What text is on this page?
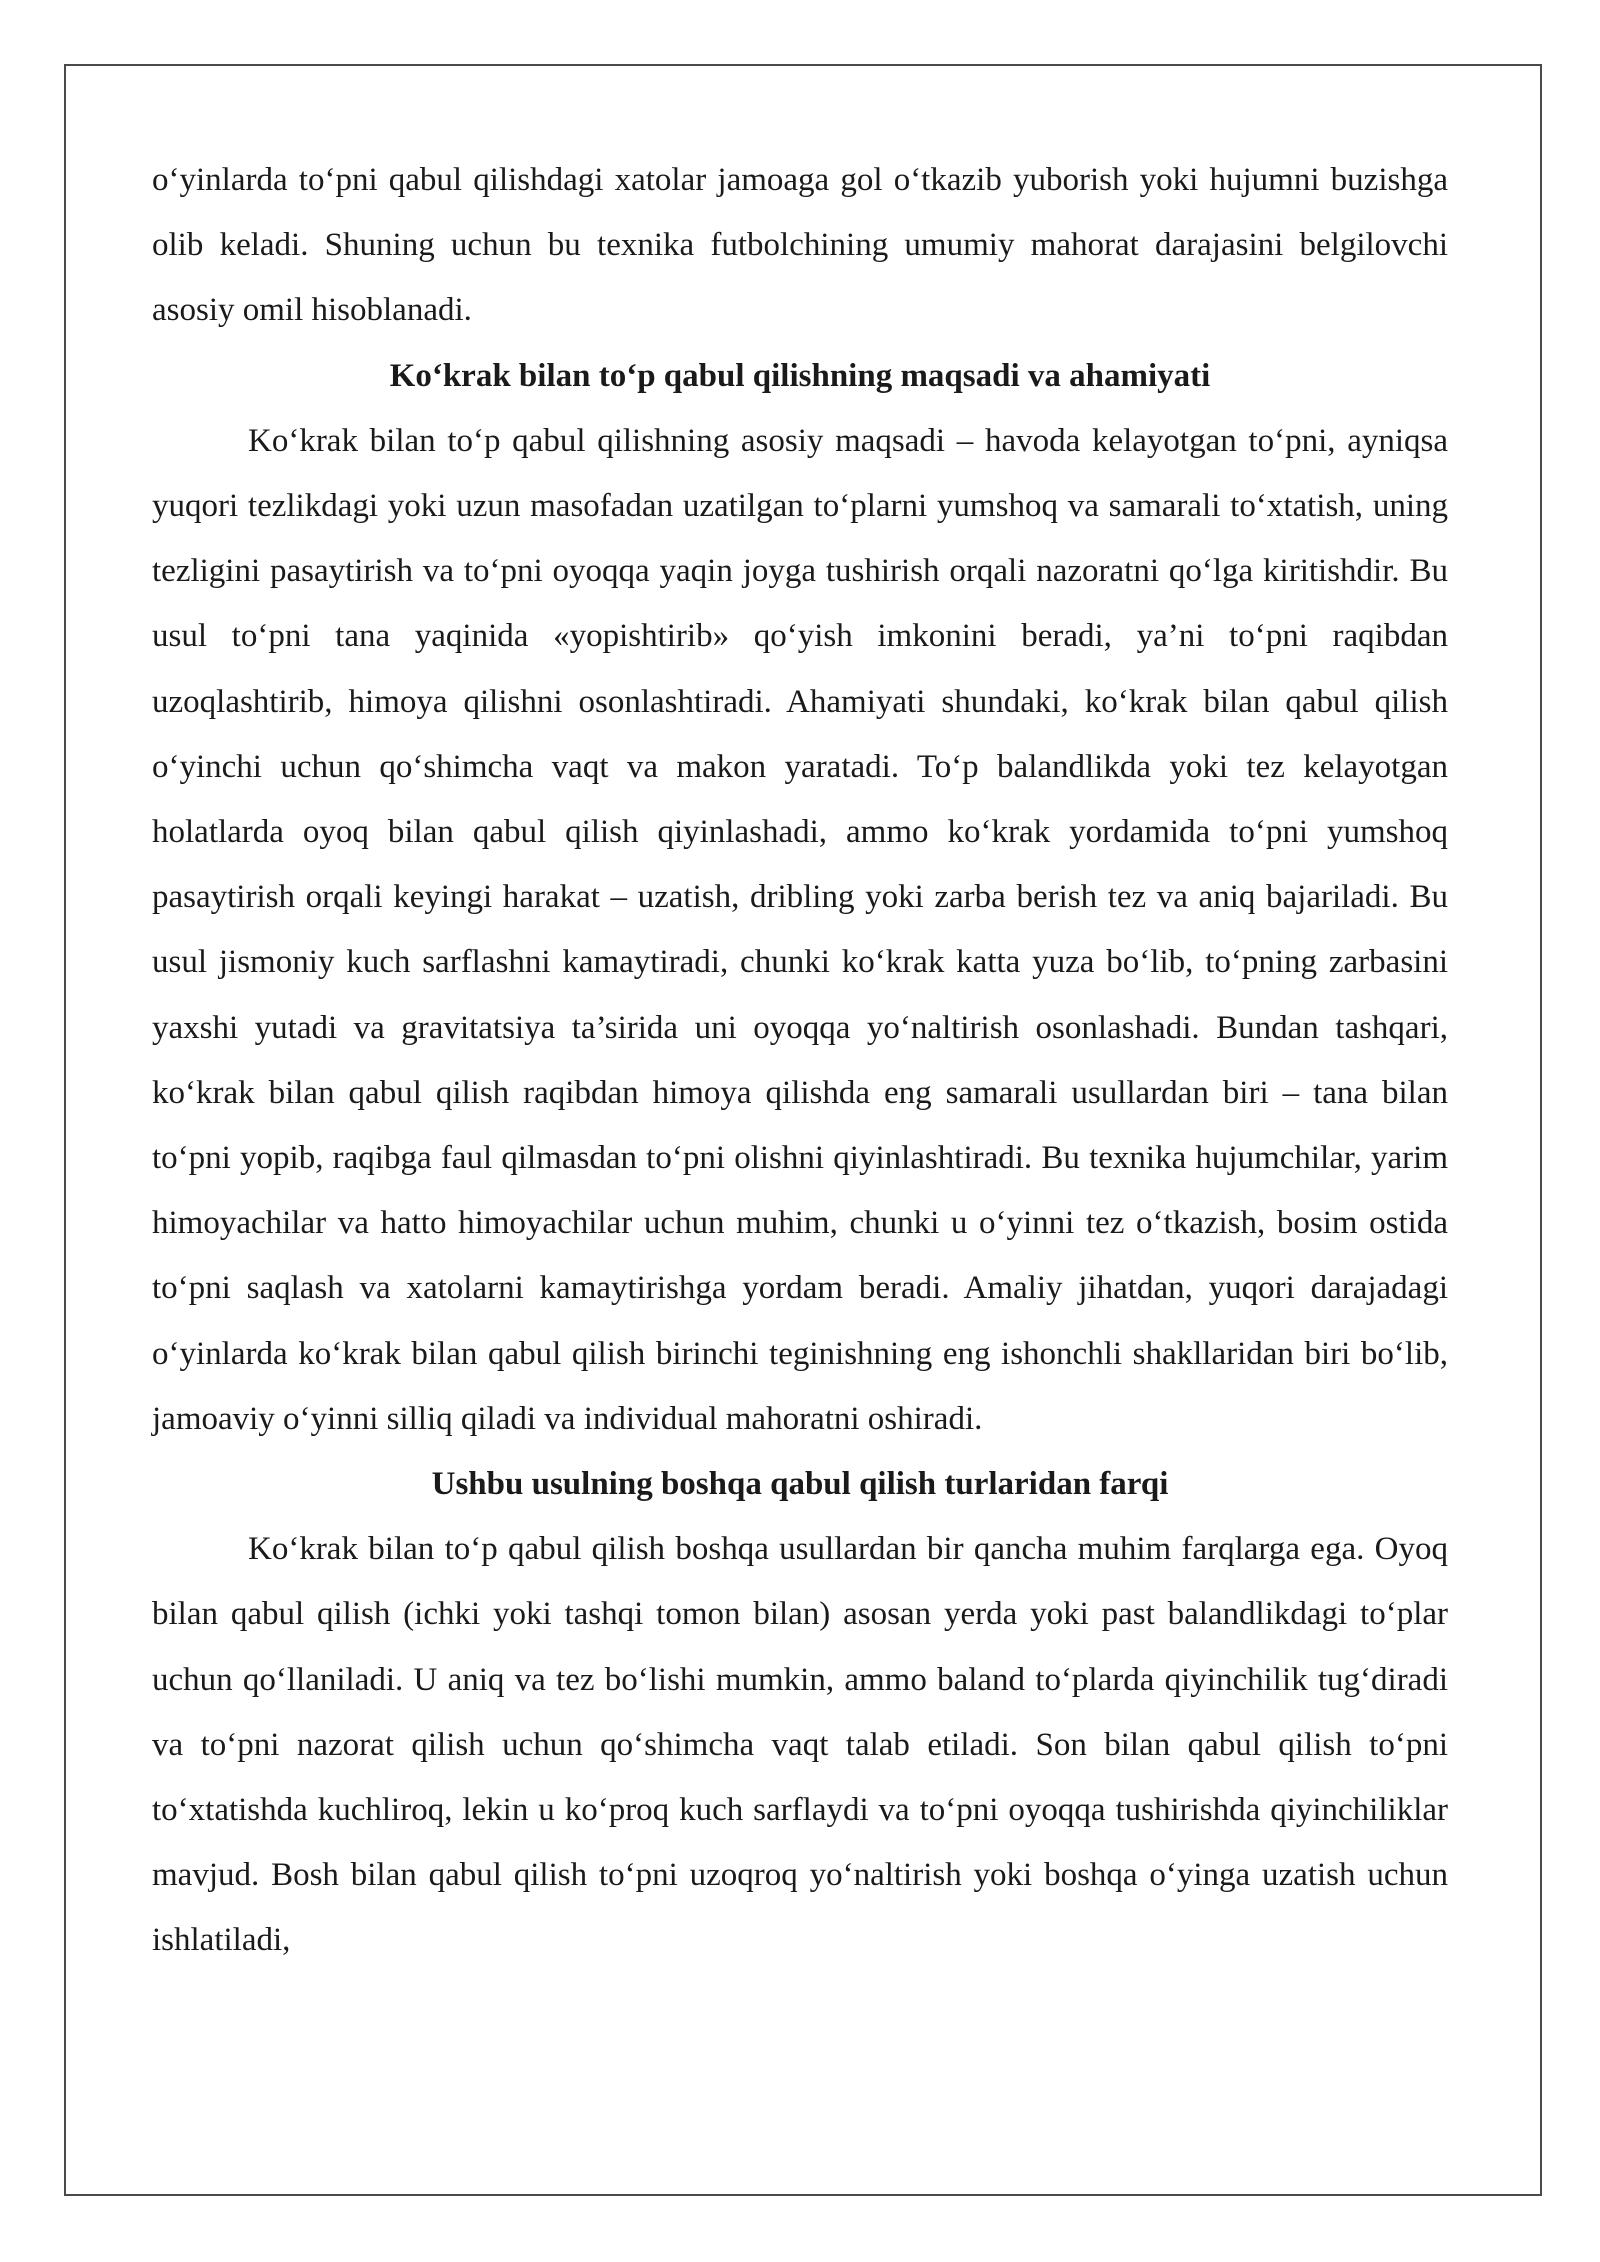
o‘yinlarda to‘pni qabul qilishdagi xatolar jamoaga gol o‘tkazib yuborish yoki hujumni buzishga olib keladi. Shuning uchun bu texnika futbolchining umumiy mahorat darajasini belgilovchi asosiy omil hisoblanadi.

Ko‘krak bilan to‘p qabul qilishning maqsadi va ahamiyati

Ko‘krak bilan to‘p qabul qilishning asosiy maqsadi – havoda kelayotgan to‘pni, ayniqsa yuqori tezlikdagi yoki uzun masofadan uzatilgan to‘plarni yumshoq va samarali to‘xtatish, uning tezligini pasaytirish va to‘pni oyoqqa yaqin joyga tushirish orqali nazoratni qo‘lga kiritishdir. Bu usul to‘pni tana yaqinida «yopishtirib» qo‘yish imkonini beradi, ya’ni to‘pni raqibdan uzoqlashtirib, himoya qilishni osonlashtiradi. Ahamiyati shundaki, ko‘krak bilan qabul qilish o‘yinchi uchun qo‘shimcha vaqt va makon yaratadi. To‘p balandlikda yoki tez kelayotgan holatlarda oyoq bilan qabul qilish qiyinlashadi, ammo ko‘krak yordamida to‘pni yumshoq pasaytirish orqali keyingi harakat – uzatish, dribling yoki zarba berish tez va aniq bajariladi. Bu usul jismoniy kuch sarflashni kamaytiradi, chunki ko‘krak katta yuza bo‘lib, to‘pning zarbasini yaxshi yutadi va gravitatsiya ta’sirida uni oyoqqa yo‘naltirish osonlashadi. Bundan tashqari, ko‘krak bilan qabul qilish raqibdan himoya qilishda eng samarali usullardan biri – tana bilan to‘pni yopib, raqibga faul qilmasdan to‘pni olishni qiyinlashtiradi. Bu texnika hujumchilar, yarim himoyachilar va hatto himoyachilar uchun muhim, chunki u o‘yinni tez o‘tkazish, bosim ostida to‘pni saqlash va xatolarni kamaytirishga yordam beradi. Amaliy jihatdan, yuqori darajadagi o‘yinlarda ko‘krak bilan qabul qilish birinchi teginishning eng ishonchli shakllaridan biri bo‘lib, jamoaviy o‘yinni silliq qiladi va individual mahoratni oshiradi.

Ushbu usulning boshqa qabul qilish turlaridan farqi

Ko‘krak bilan to‘p qabul qilish boshqa usullardan bir qancha muhim farqlarga ega. Oyoq bilan qabul qilish (ichki yoki tashqi tomon bilan) asosan yerda yoki past balandlikdagi to‘plar uchun qo‘llaniladi. U aniq va tez bo‘lishi mumkin, ammo baland to‘plarda qiyinchilik tug‘diradi va to‘pni nazorat qilish uchun qo‘shimcha vaqt talab etiladi. Son bilan qabul qilish to‘pni to‘xtatishda kuchliroq, lekin u ko‘proq kuch sarflaydi va to‘pni oyoqqa tushirishda qiyinchiliklar mavjud. Bosh bilan qabul qilish to‘pni uzoqroq yo‘naltirish yoki boshqa o‘yinga uzatish uchun ishlatiladi,
